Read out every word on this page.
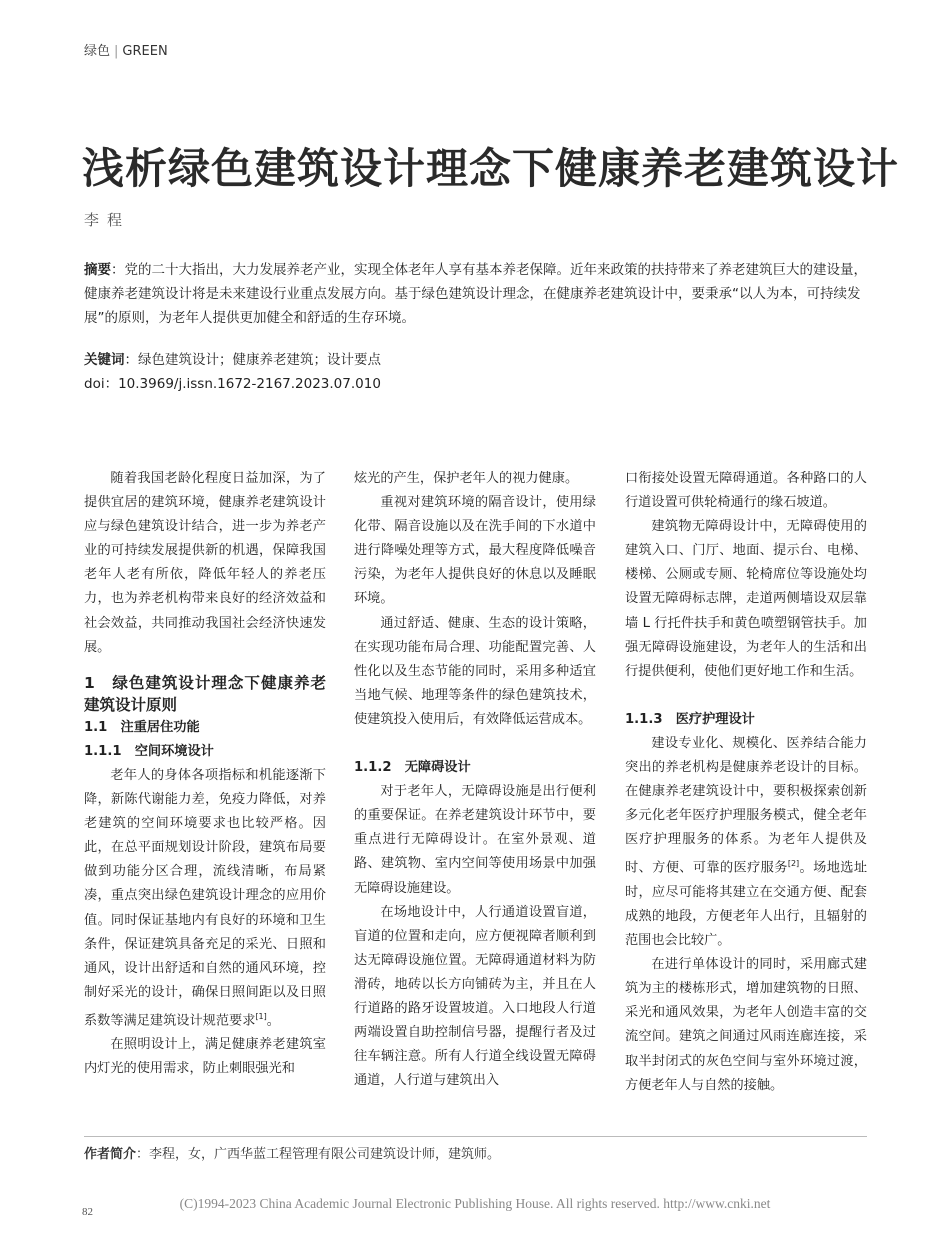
绿色 | GREEN
浅析绿色建筑设计理念下健康养老建筑设计
李程
摘要：党的二十大指出，大力发展养老产业，实现全体老年人享有基本养老保障。近年来政策的扶持带来了养老建筑巨大的建设量，健康养老建筑设计将是未来建设行业重点发展方向。基于绿色建筑设计理念，在健康养老建筑设计中，要秉承“以人为本，可持续发展”的原则，为老年人提供更加健全和舒适的生存环境。
关键词：绿色建筑设计；健康养老建筑；设计要点
doi：10.3969/j.issn.1672-2167.2023.07.010

随着我国老龄化程度日益加深，为了提供宜居的建筑环境，健康养老建筑设计应与绿色建筑设计结合，进一步为养老产业的可持续发展提供新的机遇，保障我国老年人老有所依，降低年轻人的养老压力，也为养老机构带来良好的经济效益和社会效益，共同推动我国社会经济快速发展。

1　绿色建筑设计理念下健康养老建筑设计原则

1.1　注重居住功能

1.1.1　空间环境设计

老年人的身体各项指标和机能逐渐下降，新陈代谢能力差，免疫力降低，对养老建筑的空间环境要求也比较严格。因此，在总平面规划设计阶段，建筑布局要做到功能分区合理，流线清晰，布局紧凑，重点突出绿色建筑设计理念的应用价值。同时保证基地内有良好的环境和卫生条件，保证建筑具备充足的采光、日照和通风，设计出舒适和自然的通风环境，控制好采光的设计，确保日照间距以及日照系数等满足建筑设计规范要求[1]。

在照明设计上，满足健康养老建筑室内灯光的使用需求，防止刺眼强光和

炫光的产生，保护老年人的视力健康。

重视对建筑环境的隔音设计，使用绿化带、隔音设施以及在洗手间的下水道中进行降噪处理等方式，最大程度降低噪音污染，为老年人提供良好的休息以及睡眠环境。

通过舒适、健康、生态的设计策略，在实现功能布局合理、功能配置完善、人性化以及生态节能的同时，采用多种适宜当地气候、地理等条件的绿色建筑技术，使建筑投入使用后，有效降低运营成本。

1.1.2　无障碍设计

对于老年人，无障碍设施是出行便利的重要保证。在养老建筑设计环节中，要重点进行无障碍设计。在室外景观、道路、建筑物、室内空间等使用场景中加强无障碍设施建设。

在场地设计中，人行通道设置盲道，盲道的位置和走向，应方便视障者顺利到达无障碍设施位置。无障碍通道材料为防滑砖，地砖以长方向铺砖为主，并且在人行道路的路牙设置坡道。入口地段人行道两端设置自助控制信号器，提醒行者及过往车辆注意。所有人行道全线设置无障碍通道，人行道与建筑出入

口衔接处设置无障碍通道。各种路口的人行道设置可供轮椅通行的缘石坡道。

建筑物无障碍设计中，无障碍使用的建筑入口、门厅、地面、提示台、电梯、楼梯、公厕或专厕、轮椅席位等设施处均设置无障碍标志牌，走道两侧墙设双层靠墙 L 行托件扶手和黄色喷塑钢管扶手。加强无障碍设施建设，为老年人的生活和出行提供便利，使他们更好地工作和生活。

1.1.3　医疗护理设计

建设专业化、规模化、医养结合能力突出的养老机构是健康养老设计的目标。在健康养老建筑设计中，要积极探索创新多元化老年医疗护理服务模式，健全老年医疗护理服务的体系。为老年人提供及时、方便、可靠的医疗服务[2]。场地选址时，应尽可能将其建立在交通方便、配套成熟的地段，方便老年人出行，且辐射的范围也会比较广。

在进行单体设计的同时，采用廊式建筑为主的楼栋形式，增加建筑物的日照、采光和通风效果，为老年人创造丰富的交流空间。建筑之间通过风雨连廊连接，采取半封闭式的灰色空间与室外环境过渡，方便老年人与自然的接触。

作者简介：李程，女，广西华蓝工程管理有限公司建筑设计师，建筑师。
(C)1994-2023 China Academic Journal Electronic Publishing House. All rights reserved. http://www.cnki.net
82
